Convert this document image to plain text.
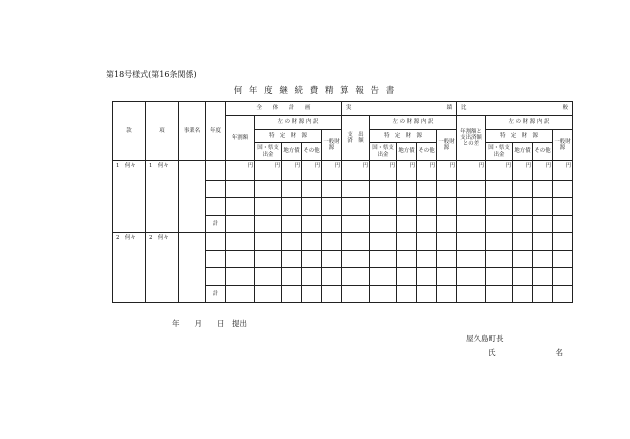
第18号様式(第16条関係)
何 年 度 継 続 費 精 算 報 告 書
款	項	事業名	年度	全　　体　　計　　画					実 績					比 較				

				年割額	左 の 財 源 内 訳				支　出済　額	左 の 財 源 内 訳				年割額と支出済額との差	左 の 財 源 内 訳			
					特　定　財　源			一般財源		特　定　財　源			一般財源		特　定　財　源			一般財源
					国・県支出金	地方債	その他			国・県支出金	地方債	その他			国・県支出金	地方債	その他	
1　何々	1　何々			円	円	円	円	円	円	円	円	円	円	円	円	円	円	円

			計															
2　何々	2　何々																	

			計															
年　　月　　日　提出
屋久島町長
氏　　　　　　　　名
